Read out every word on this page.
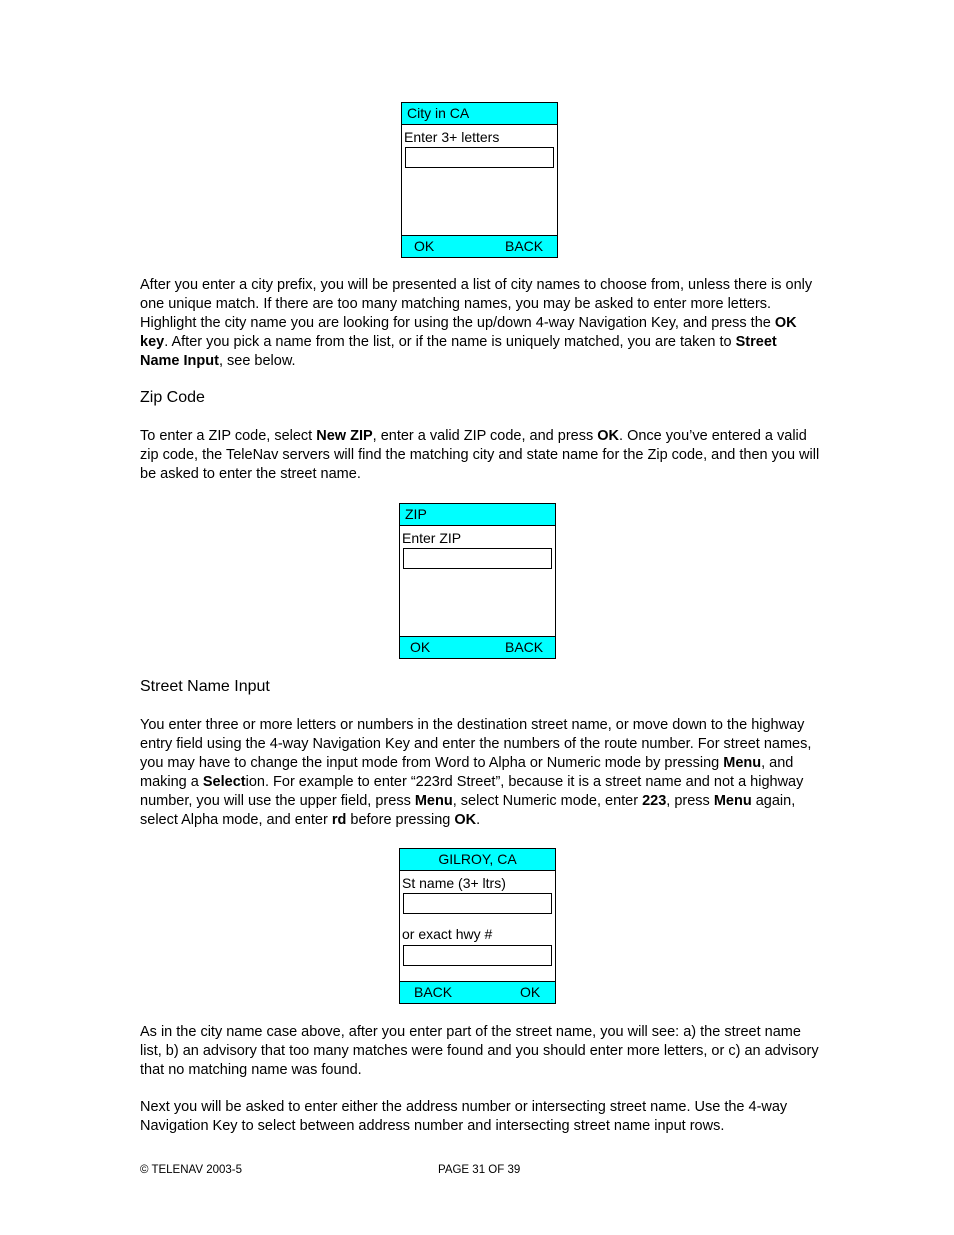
City in CA
Enter 3+ letters
OK	BACK

After you enter a city prefix, you will be presented a list of city names to choose from, unless there is only one unique match. If there are too many matching names, you may be asked to enter more letters. Highlight the city name you are looking for using the up/down 4-way Navigation Key, and press the OK key. After you pick a name from the list, or if the name is uniquely matched, you are taken to Street Name Input, see below.

Zip Code

To enter a ZIP code, select New ZIP, enter a valid ZIP code, and press OK. Once you’ve entered a valid zip code, the TeleNav servers will find the matching city and state name for the Zip code, and then you will be asked to enter the street name.

ZIP
Enter ZIP
OK	BACK
Street Name Input

You enter three or more letters or numbers in the destination street name, or move down to the highway entry field using the 4-way Navigation Key and enter the numbers of the route number. For street names, you may have to change the input mode from Word to Alpha or Numeric mode by pressing Menu, and making a Selection. For example to enter “223rd Street”, because it is a street name and not a highway number, you will use the upper field, press Menu, select Numeric mode, enter 223, press Menu again, select Alpha mode, and enter rd before pressing OK.

GILROY, CA
St name (3+ ltrs)
or exact hwy #
BACK	OK

As in the city name case above, after you enter part of the street name, you will see: a) the street name list, b) an advisory that too many matches were found and you should enter more letters, or c) an advisory that no matching name was found.

Next you will be asked to enter either the address number or intersecting street name. Use the 4-way Navigation Key to select between address number and intersecting street name input rows.

© TELENAV 2003-5	PAGE 31 OF 39
